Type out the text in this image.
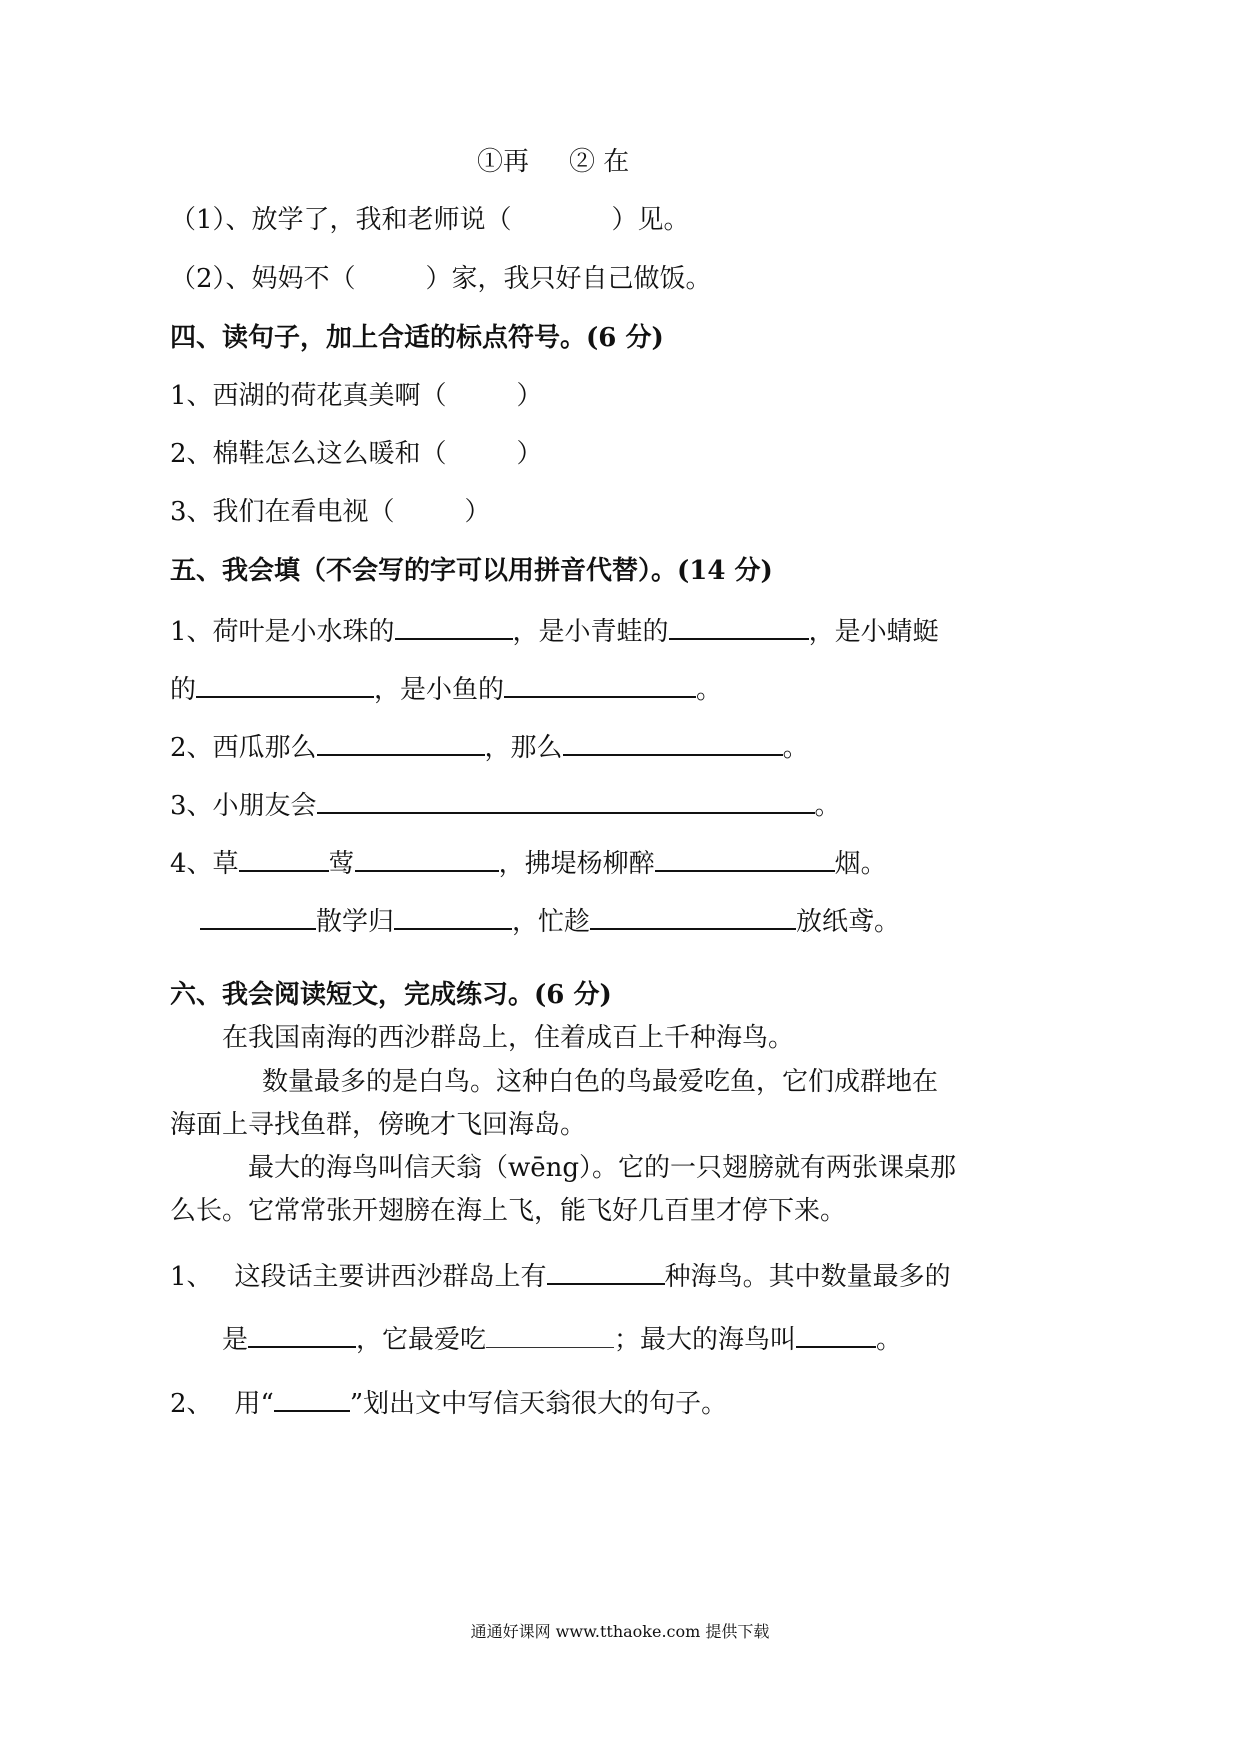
①再 ② 在
（1）、放学了，我和老师说（	）见。
（2）、妈妈不（	）家，我只好自己做饭。
四、读句子，加上合适的标点符号。(6 分)
1、西湖的荷花真美啊（	）
2、棉鞋怎么这么暖和（	）
3、我们在看电视（	）
五、我会填（不会写的字可以用拼音代替）。(14 分)
1、荷叶是小水珠的	，是小青蛙的	，是小蜻蜓
的	，是小鱼的	。
2、西瓜那么	，那么	。
3、小朋友会	。
4、草	莺	，拂堤杨柳醉	烟。
散学归	，忙趁	放纸鸢。
六、我会阅读短文，完成练习。(6 分)
在我国南海的西沙群岛上，住着成百上千种海鸟。
数量最多的是白鸟。这种白色的鸟最爱吃鱼，它们成群地在
海面上寻找鱼群，傍晚才飞回海岛。
最大的海鸟叫信天翁（wēng）。它的一只翅膀就有两张课桌那
么长。它常常张开翅膀在海上飞，能飞好几百里才停下来。
1、 这段话主要讲西沙群岛上有	种海鸟。其中数量最多的
是	，它最爱吃	；最大的海鸟叫	。
2、 用“	”划出文中写信天翁很大的句子。
通通好课网 www.tthaoke.com 提供下载
